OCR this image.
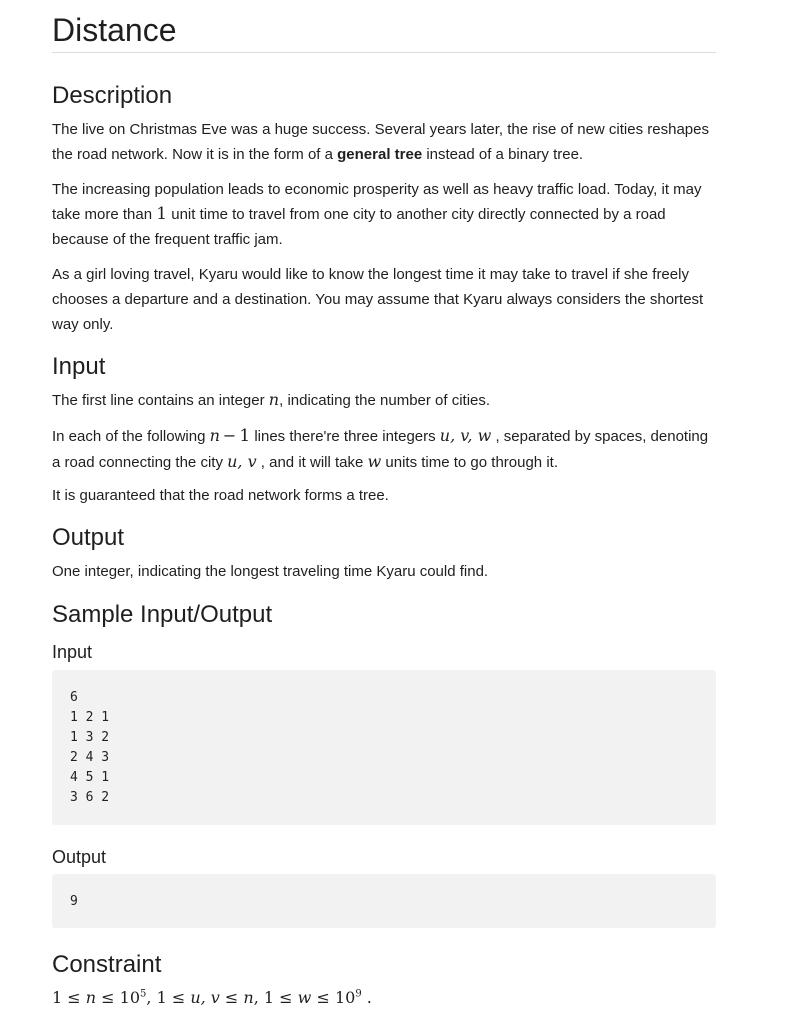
Distance
Description

The live on Christmas Eve was a huge success. Several years later, the rise of new cities reshapes the road network. Now it is in the form of a general tree instead of a binary tree.

The increasing population leads to economic prosperity as well as heavy traffic load. Today, it may take more than 1 unit time to travel from one city to another city directly connected by a road because of the frequent traffic jam.

As a girl loving travel, Kyaru would like to know the longest time it may take to travel if she freely chooses a departure and a destination. You may assume that Kyaru always considers the shortest way only.

Input

The first line contains an integer n, indicating the number of cities.

In each of the following n − 1 lines there're three integers u, v, w , separated by spaces, denoting a road connecting the city u, v , and it will take w units time to go through it.

It is guaranteed that the road network forms a tree.

Output

One integer, indicating the longest traveling time Kyaru could find.

Sample Input/Output
Input
6
1 2 1
1 3 2
2 4 3
4 5 1
3 6 2
Output
9
Constraint

$1 \le n \le 10^5$, 1 ≤ u, v ≤ n, $1 \le w \le 10^9$ .
